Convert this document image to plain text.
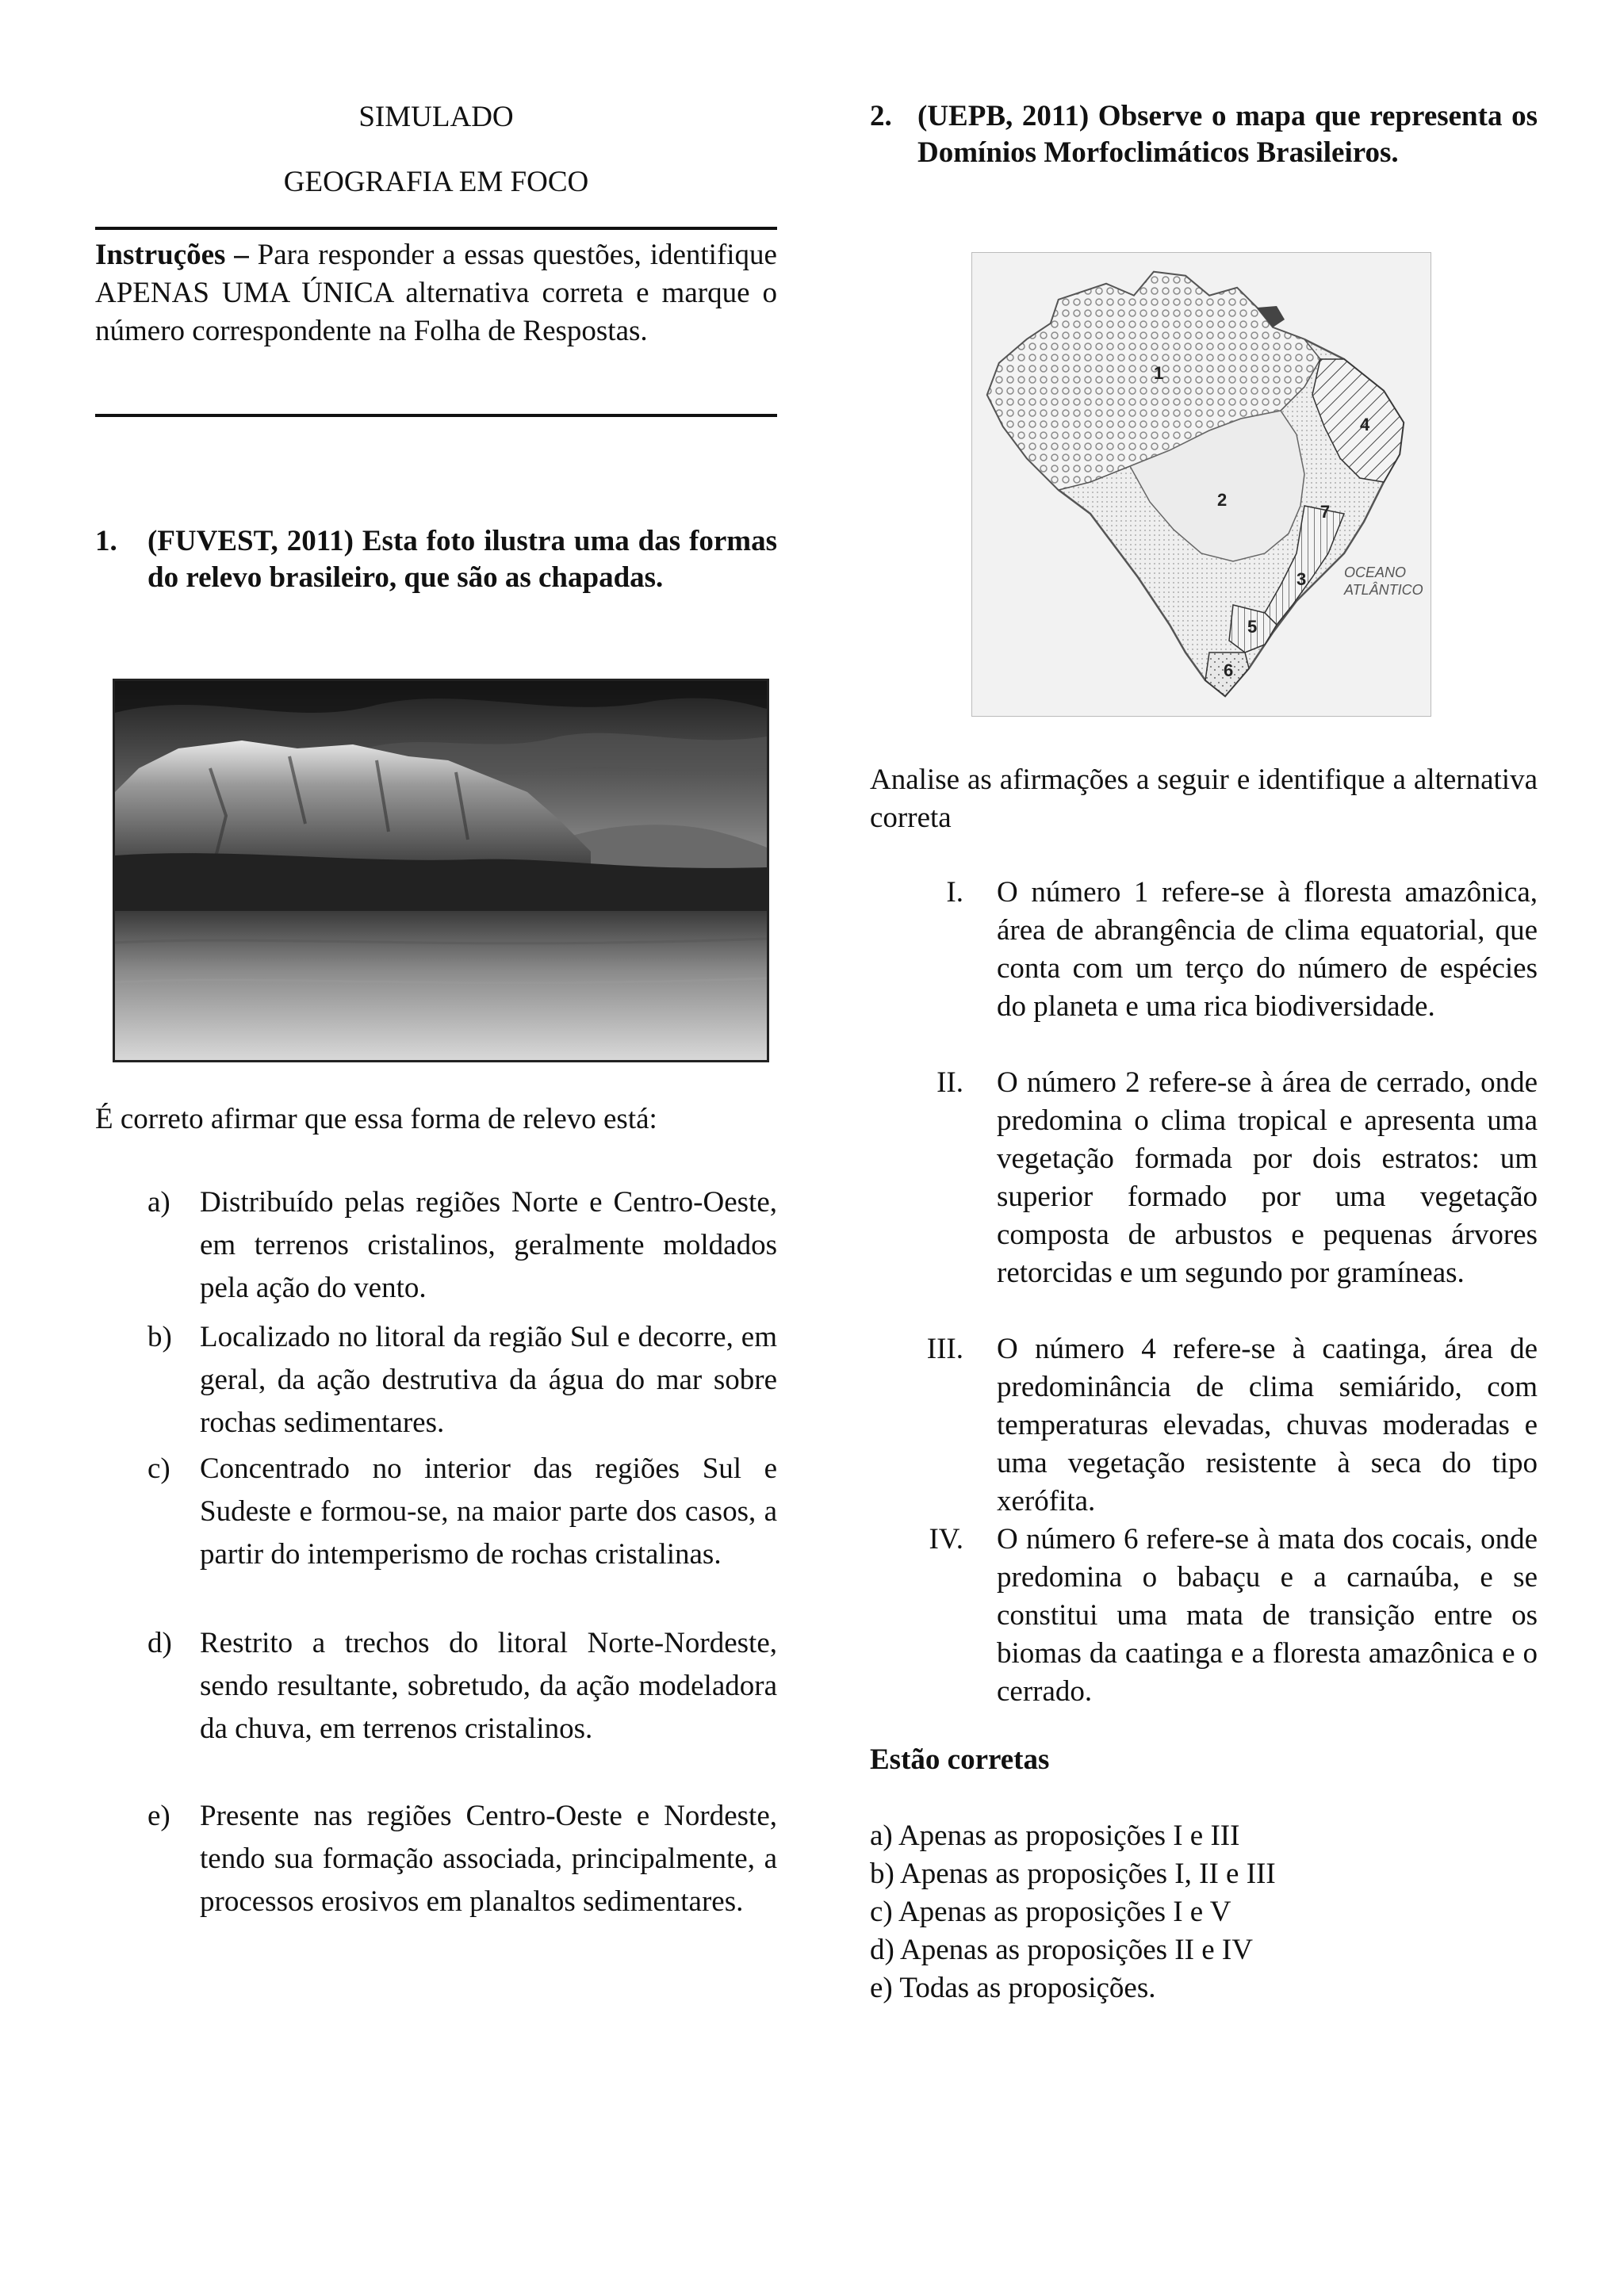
SIMULADO
GEOGRAFIA EM FOCO
Instruções – Para responder a essas questões, identifique APENAS UMA ÚNICA alternativa correta e marque o número correspondente na Folha de Respostas.
1. (FUVEST, 2011) Esta foto ilustra uma das formas do relevo brasileiro, que são as chapadas.
É correto afirmar que essa forma de relevo está:
a) Distribuído pelas regiões Norte e Centro-Oeste, em terrenos cristalinos, geralmente moldados pela ação do vento.
b) Localizado no litoral da região Sul e decorre, em geral, da ação destrutiva da água do mar sobre rochas sedimentares.
c) Concentrado no interior das regiões Sul e Sudeste e formou-se, na maior parte dos casos, a partir do intemperismo de rochas cristalinas.
d) Restrito a trechos do litoral Norte-Nordeste, sendo resultante, sobretudo, da ação modeladora da chuva, em terrenos cristalinos.
e) Presente nas regiões Centro-Oeste e Nordeste, tendo sua formação associada, principalmente, a processos erosivos em planaltos sedimentares.
2. (UEPB, 2011) Observe o mapa que representa os Domínios Morfoclimáticos Brasileiros.
1
2
3
4
5
6
7
OCEANO
ATLÂNTICO
Analise as afirmações a seguir e identifique a alternativa correta
I. O número 1 refere-se à floresta amazônica, área de abrangência de clima equatorial, que conta com um terço do número de espécies do planeta e uma rica biodiversidade.
II. O número 2 refere-se à área de cerrado, onde predomina o clima tropical e apresenta uma vegetação formada por dois estratos: um superior formado por uma vegetação composta de arbustos e pequenas árvores retorcidas e um segundo por gramíneas.
III. O número 4 refere-se à caatinga, área de predominância de clima semiárido, com temperaturas elevadas, chuvas moderadas e uma vegetação resistente à seca do tipo xerófita.
IV. O número 6 refere-se à mata dos cocais, onde predomina o babaçu e a carnaúba, e se constitui uma mata de transição entre os biomas da caatinga e a floresta amazônica e o cerrado.
Estão corretas
a) Apenas as proposições I e III
b) Apenas as proposições I, II e III
c) Apenas as proposições I e V
d) Apenas as proposições II e IV
e) Todas as proposições.
